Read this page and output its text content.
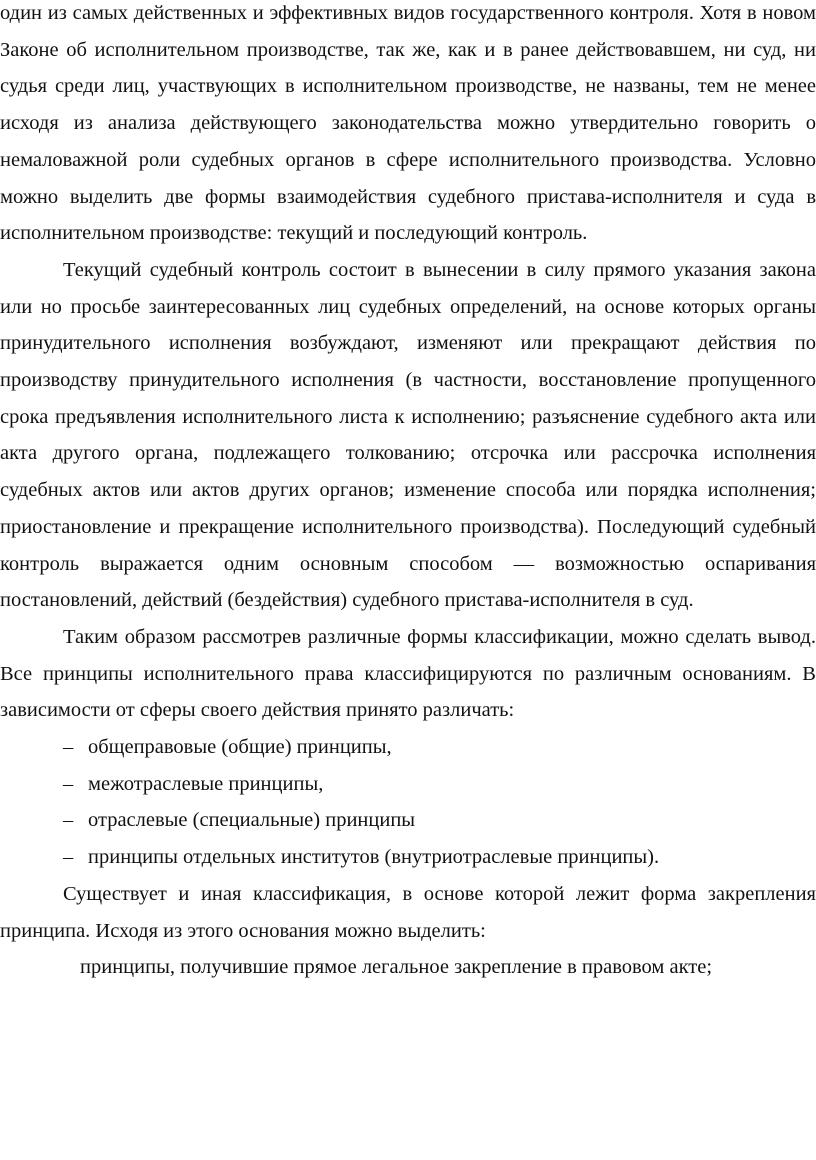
один из самых действенных и эффективных видов государственного контроля. Хотя в новом Законе об исполнительном производстве, так же, как и в ранее действовавшем, ни суд, ни судья среди лиц, участвующих в исполнительном производстве, не названы, тем не менее исходя из анализа действующего законодательства можно утвердительно говорить о немаловажной роли судебных органов в сфере исполнительного производства. Условно можно выделить две формы взаимодействия судебного пристава-исполнителя и суда в исполнительном производстве: текущий и последующий контроль.

Текущий судебный контроль состоит в вынесении в силу прямого указания закона или но просьбе заинтересованных лиц судебных определений, на основе которых органы принудительного исполнения возбуждают, изменяют или прекращают действия по производству принудительного исполнения (в частности, восстановление пропущенного срока предъявления исполнительного листа к исполнению; разъяснение судебного акта или акта другого органа, подлежащего толкованию; отсрочка или рассрочка исполнения судебных актов или актов других органов; изменение способа или порядка исполнения; приостановление и прекращение исполнительного производства). Последующий судебный контроль выражается одним основным способом — возможностью оспаривания постановлений, действий (бездействия) судебного пристава-исполнителя в суд.

Таким образом рассмотрев различные формы классификации, можно сделать вывод. Все принципы исполнительного права классифицируются по различным основаниям. В зависимости от сферы своего действия принято различать:

– общеправовые (общие) принципы,
– межотраслевые принципы,
– отраслевые (специальные) принципы
– принципы отдельных институтов (внутриотраслевые принципы).

Существует и иная классификация, в основе которой лежит форма закрепления принципа. Исходя из этого основания можно выделить:

принципы, получившие прямое легальное закрепление в правовом акте;
